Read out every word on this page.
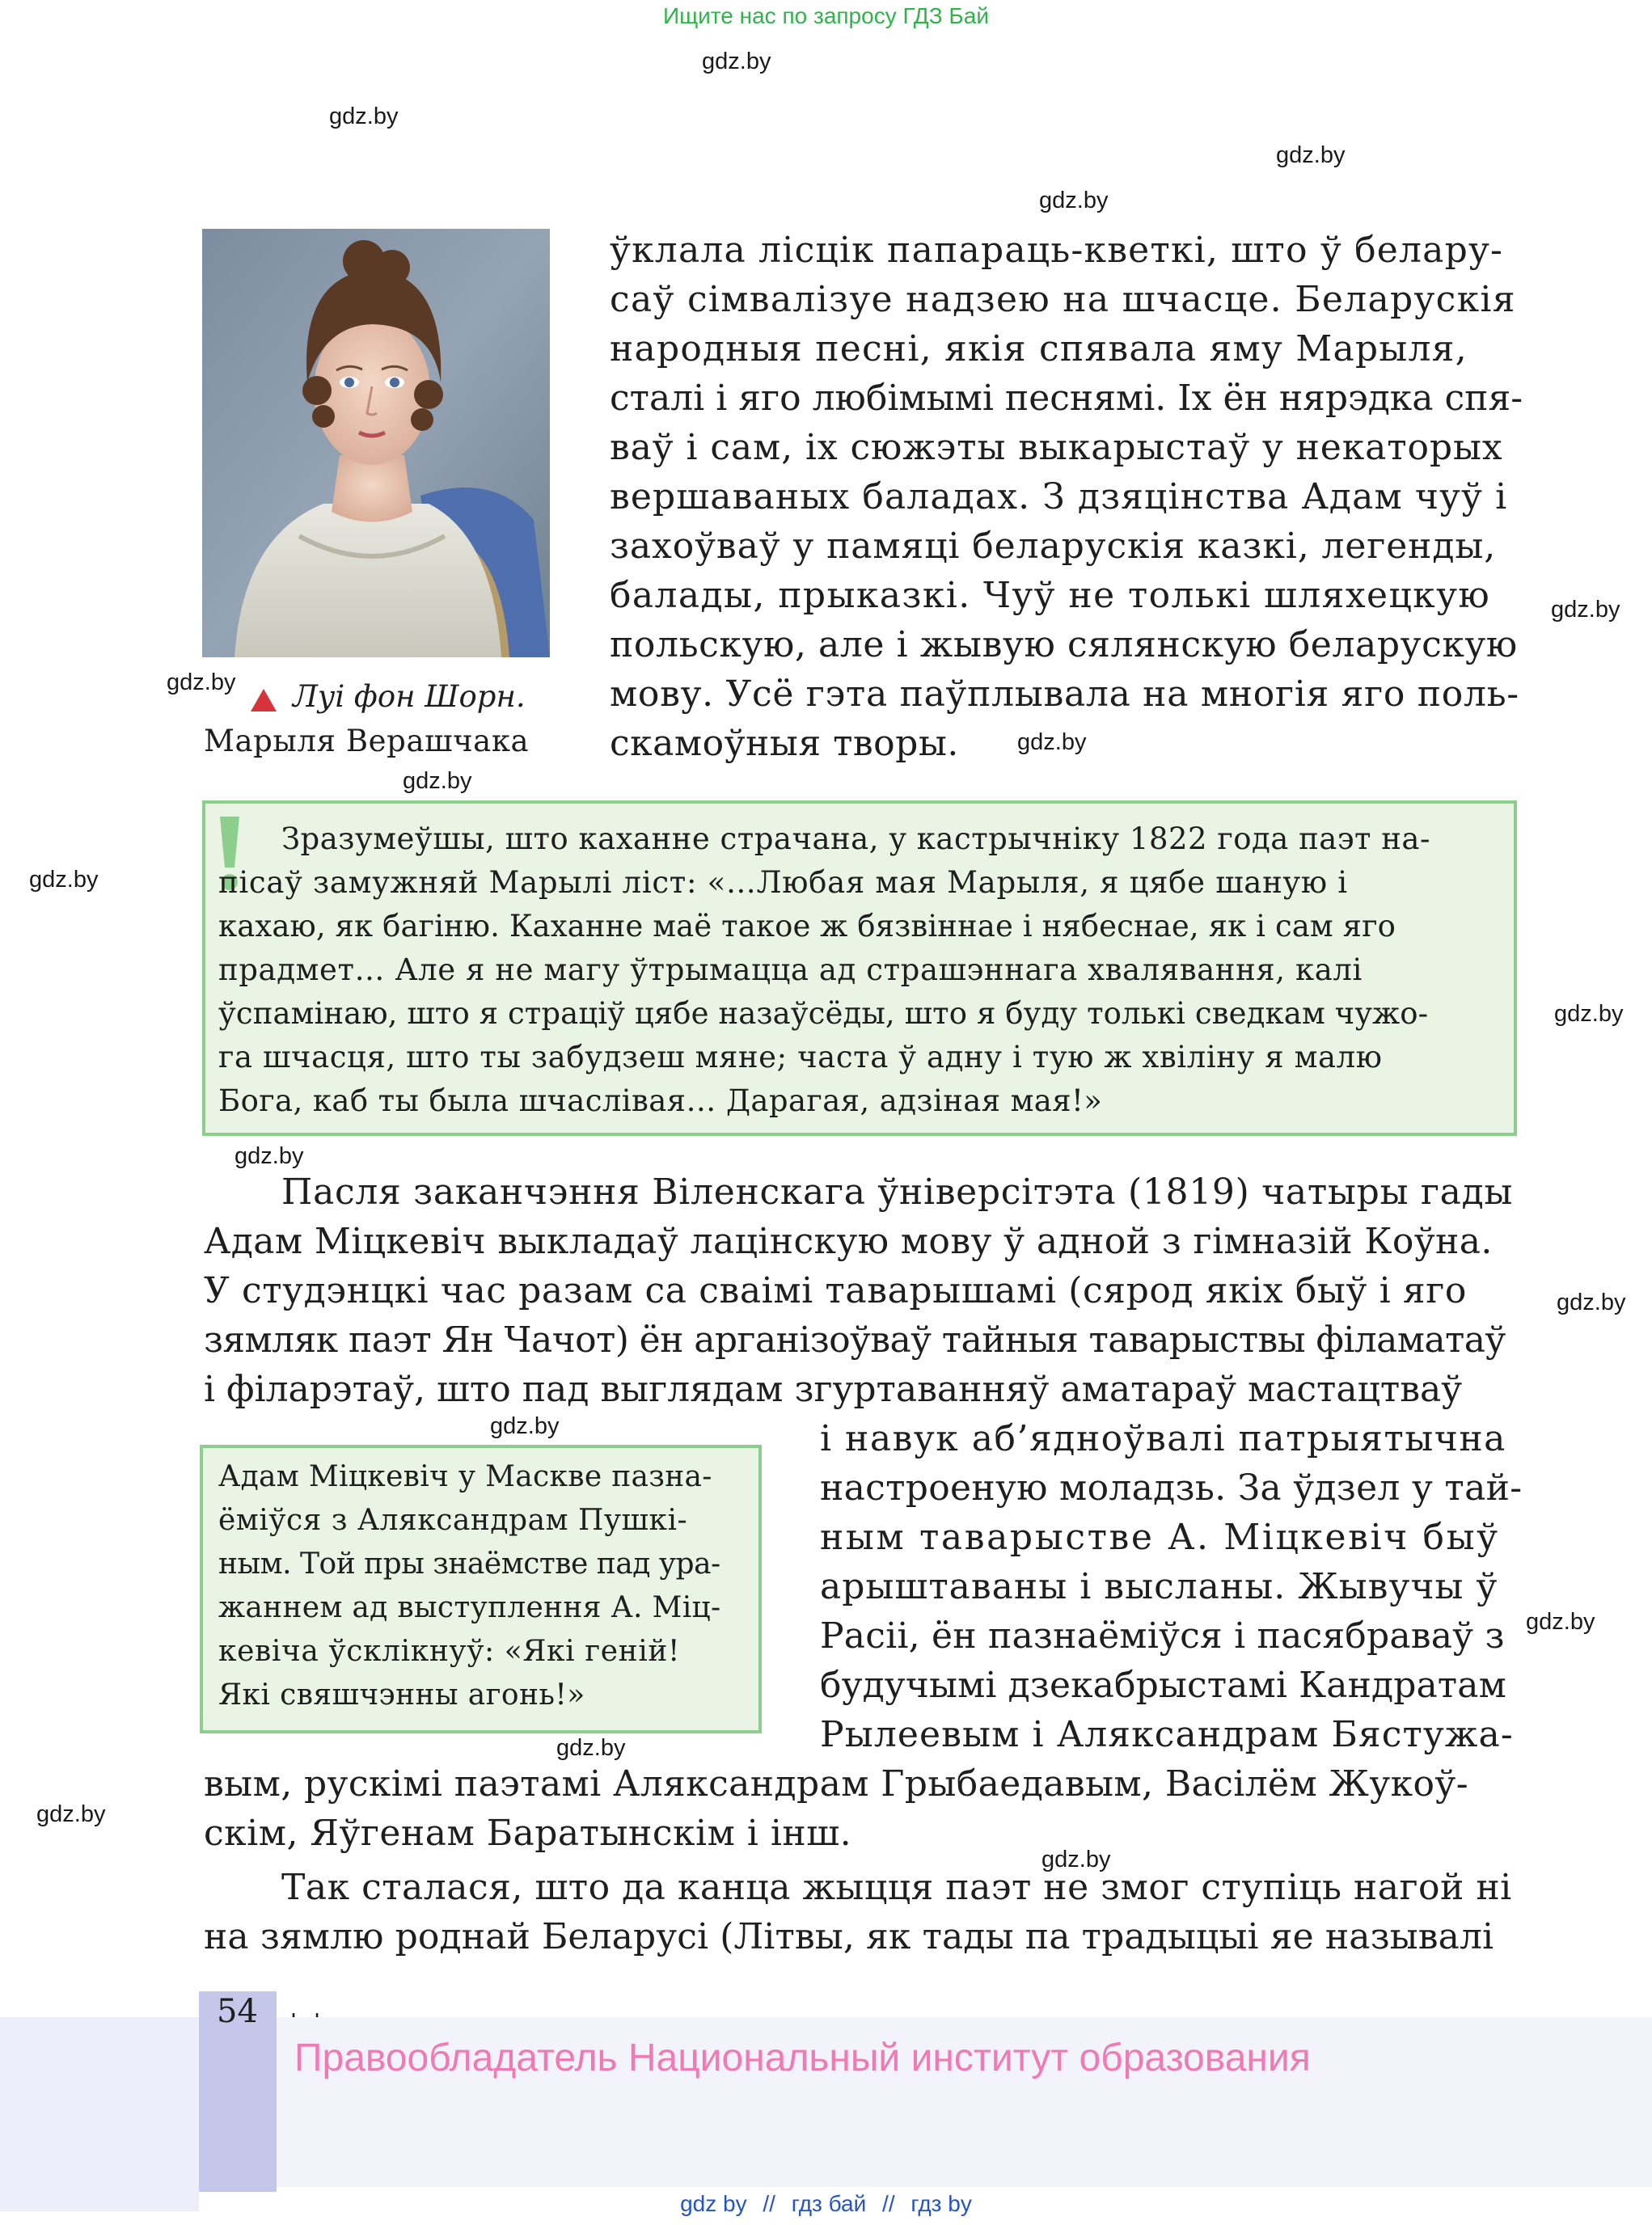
Ищите нас по запросу ГДЗ Бай
gdz.by
gdz.by
gdz.by
gdz.by
gdz.by
gdz.by
gdz.by
gdz.by
gdz.by
gdz.by
gdz.by
gdz.by
gdz.by
gdz.by
gdz.by
gdz.by
gdz.by
Луі фон Шорн.
Марыля Верашчака
ўклала лісцік папараць-кветкі, што ў белару-
саў сімвалізуе надзею на шчасце. Беларускія
народныя песні, якія спявала яму Марыля,
сталі і яго любімымі песнямі. Іх ён нярэдка спя-
ваў і сам, іх сюжэты выкарыстаў у некаторых
вершаваных баладах. З дзяцінства Адам чуў і
захоўваў у памяці беларускія казкі, легенды,
балады, прыказкі. Чуў не толькі шляхецкую
польскую, але і жывую сялянскую беларускую
мову. Усё гэта паўплывала на многія яго поль-
скамоўныя творы.
Зразумеўшы, што каханне страчана, у кастрычніку 1822 года паэт на-
пісаў замужняй Марылі ліст: «…Любая мая Марыля, я цябе шаную і
кахаю, як багіню. Каханне маё такое ж бязвіннае і нябеснае, як і сам яго
прадмет… Але я не магу ўтрымацца ад страшэннага хвалявання, калі
ўспамінаю, што я страціў цябе назаўсёды, што я буду толькі сведкам чужо-
га шчасця, што ты забудзеш мяне; часта ў адну і тую ж хвіліну я малю
Бога, каб ты была шчаслівая… Дарагая, адзіная мая!»
Пасля заканчэння Віленскага ўніверсітэта (1819) чатыры гады
Адам Міцкевіч выкладаў лацінскую мову ў адной з гімназій Коўна.
У студэнцкі час разам са сваімі таварышамі (сярод якіх быў і яго
зямляк паэт Ян Чачот) ён арганізоўваў тайныя таварыствы філаматаў
і філарэтаў, што пад выглядам згуртаванняў аматараў мастацтваў
і навук аб’ядноўвалі патрыятычна
настроеную моладзь. За ўдзел у тай-
ным таварыстве А. Міцкевіч быў
арыштаваны і высланы. Жывучы ў
Расіі, ён пазнаёміўся і пасябраваў з
будучымі дзекабрыстамі Кандратам
Рылеевым і Аляксандрам Бястужа-
вым, рускімі паэтамі Аляксандрам Грыбаедавым, Васілём Жукоў-
скім, Яўгенам Баратынскім і інш.
Адам Міцкевіч у Маскве пазна-
ёміўся з Аляксандрам Пушкі-
ным. Той пры знаёмстве пад ура-
жаннем ад выступлення А. Міц-
кевіча ўсклікнуў: «Які геній!
Які свяшчэнны агонь!»
Так сталася, што да канца жыцця паэт не змог ступіць нагой ні
на зямлю роднай Беларусі (Літвы, як тады па традыцыі яе называлі
54
Правообладатель Национальный институт образования
gdz by // гдз бай // гдз by
